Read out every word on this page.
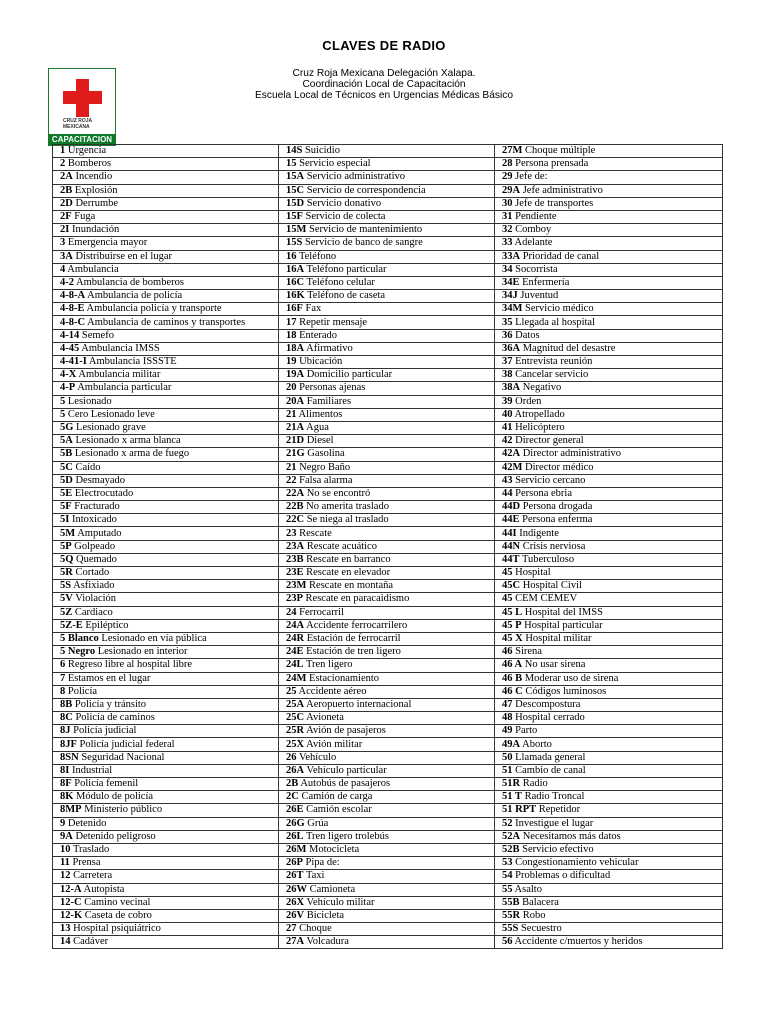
CLAVES DE RADIO
Cruz Roja Mexicana Delegación Xalapa.
Coordinación Local de Capacitación
Escuela Local de Técnicos en Urgencias Médicas Básico
CRUZ ROJA
MEXICANA
CAPACITACION
1 Urgencia	14S Suicidio	27M Choque múltiple
2 Bomberos	15 Servicio especial	28 Persona prensada
2A Incendio	15A Servicio administrativo	29 Jefe de:
2B Explosión	15C Servicio de correspondencia	29A Jefe administrativo
2D Derrumbe	15D Servicio donativo	30 Jefe de transportes
2F Fuga	15F Servicio de colecta	31 Pendiente
2I Inundación	15M Servicio de mantenimiento	32 Comboy
3 Emergencia mayor	15S Servicio de banco de sangre	33 Adelante
3A Distribuirse en el lugar	16 Teléfono	33A Prioridad de canal
4 Ambulancia	16A Teléfono particular	34 Socorrista
4-2 Ambulancia de bomberos	16C Teléfono celular	34E Enfermería
4-8-A Ambulancia de policía	16K Teléfono de caseta	34J Juventud
4-8-E Ambulancia policía y transporte	16F Fax	34M Servicio médico
4-8-C Ambulancia de caminos y transportes	17 Repetir mensaje	35 Llegada al hospital
4-14 Semefo	18 Enterado	36 Datos
4-45 Ambulancia IMSS	18A Afirmativo	36A Magnitud del desastre
4-41-I Ambulancia ISSSTE	19 Ubicación	37 Entrevista reunión
4-X Ambulancia militar	19A Domicilio particular	38 Cancelar servicio
4-P Ambulancia particular	20 Personas ajenas	38A Negativo
5 Lesionado	20A Familiares	39 Orden
5 Cero Lesionado leve	21 Alimentos	40 Atropellado
5G Lesionado grave	21A Agua	41 Helicóptero
5A Lesionado x arma blanca	21D Diesel	42 Director general
5B Lesionado x arma de fuego	21G Gasolina	42A Director administrativo
5C Caído	21 Negro Baño	42M Director médico
5D Desmayado	22 Falsa alarma	43 Servicio cercano
5E Electrocutado	22A No se encontró	44 Persona ebria
5F Fracturado	22B No amerita traslado	44D Persona drogada
5I Intoxicado	22C Se niega al traslado	44E Persona enferma
5M Amputado	23 Rescate	44I Indigente
5P Golpeado	23A Rescate acuático	44N Crisis nerviosa
5Q Quemado	23B Rescate en barranco	44T Tuberculoso
5R Cortado	23E Rescate en elevador	45 Hospital
5S Asfixiado	23M Rescate en montaña	45C Hospital Civil
5V Violación	23P Rescate en paracaidismo	45 CEM CEMEV
5Z Cardiaco	24 Ferrocarril	45 L Hospital del IMSS
5Z-E Epiléptico	24A Accidente ferrocarrilero	45 P Hospital particular
5 Blanco Lesionado en vía pública	24R Estación de ferrocarril	45 X Hospital militar
5 Negro Lesionado en interior	24E Estación de tren ligero	46 Sirena
6 Regreso libre al hospital libre	24L Tren ligero	46 A No usar sirena
7 Estamos en el lugar	24M Estacionamiento	46 B Moderar uso de sirena
8 Policía	25 Accidente aéreo	46 C Códigos luminosos
8B Policía y tránsito	25A Aeropuerto internacional	47 Descompostura
8C Policía de caminos	25C Avioneta	48 Hospital cerrado
8J Policía judicial	25R Avión de pasajeros	49 Parto
8JF Policía judicial federal	25X Avión militar	49A Aborto
8SN Seguridad Nacional	26 Vehículo	50 Llamada general
8I Industrial	26A Vehículo particular	51 Cambio de canal
8F Policía femenil	2B Autobús de pasajeros	51R Radio
8K Módulo de policía	2C Camión de carga	51 T Radio Troncal
8MP Ministerio público	26E Camión escolar	51 RPT Repetidor
9 Detenido	26G Grúa	52 Investigue el lugar
9A Detenido peligroso	26L Tren ligero trolebús	52A Necesitamos más datos
10 Traslado	26M Motocicleta	52B Servicio efectivo
11 Prensa	26P Pipa de:	53 Congestionamiento vehicular
12 Carretera	26T Taxi	54 Problemas o dificultad
12-A Autopista	26W Camioneta	55 Asalto
12-C Camino vecinal	26X Vehículo militar	55B Balacera
12-K Caseta de cobro	26V Bicicleta	55R Robo
13 Hospital psiquiátrico	27 Choque	55S Secuestro
14 Cadáver	27A Volcadura	56 Accidente c/muertos y heridos
